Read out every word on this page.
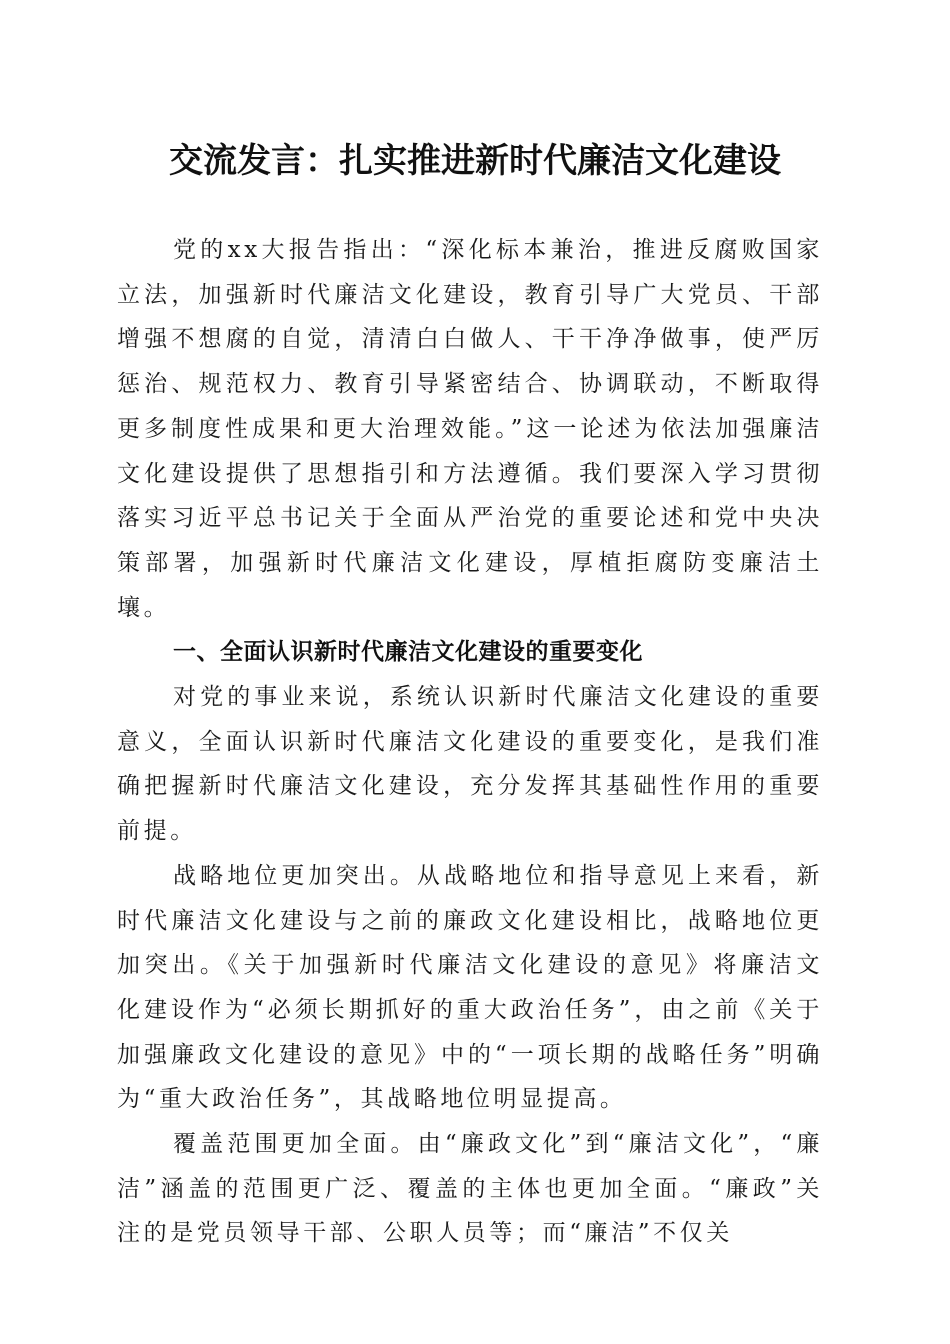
交流发言：扎实推进新时代廉洁文化建设

党的xx大报告指出：“深化标本兼治，推进反腐败国家立法，加强新时代廉洁文化建设，教育引导广大党员、干部增强不想腐的自觉，清清白白做人、干干净净做事，使严厉惩治、规范权力、教育引导紧密结合、协调联动，不断取得更多制度性成果和更大治理效能。”这一论述为依法加强廉洁文化建设提供了思想指引和方法遵循。我们要深入学习贯彻落实习近平总书记关于全面从严治党的重要论述和党中央决策部署，加强新时代廉洁文化建设，厚植拒腐防变廉洁土壤。

一、全面认识新时代廉洁文化建设的重要变化

对党的事业来说，系统认识新时代廉洁文化建设的重要意义，全面认识新时代廉洁文化建设的重要变化，是我们准确把握新时代廉洁文化建设，充分发挥其基础性作用的重要前提。

战略地位更加突出。从战略地位和指导意见上来看，新时代廉洁文化建设与之前的廉政文化建设相比，战略地位更加突出。《关于加强新时代廉洁文化建设的意见》将廉洁文化建设作为“必须长期抓好的重大政治任务”，由之前《关于加强廉政文化建设的意见》中的“一项长期的战略任务”明确为“重大政治任务”，其战略地位明显提高。

覆盖范围更加全面。由“廉政文化”到“廉洁文化”，“廉洁”涵盖的范围更广泛、覆盖的主体也更加全面。“廉政”关注的是党员领导干部、公职人员等；而“廉洁”不仅关
